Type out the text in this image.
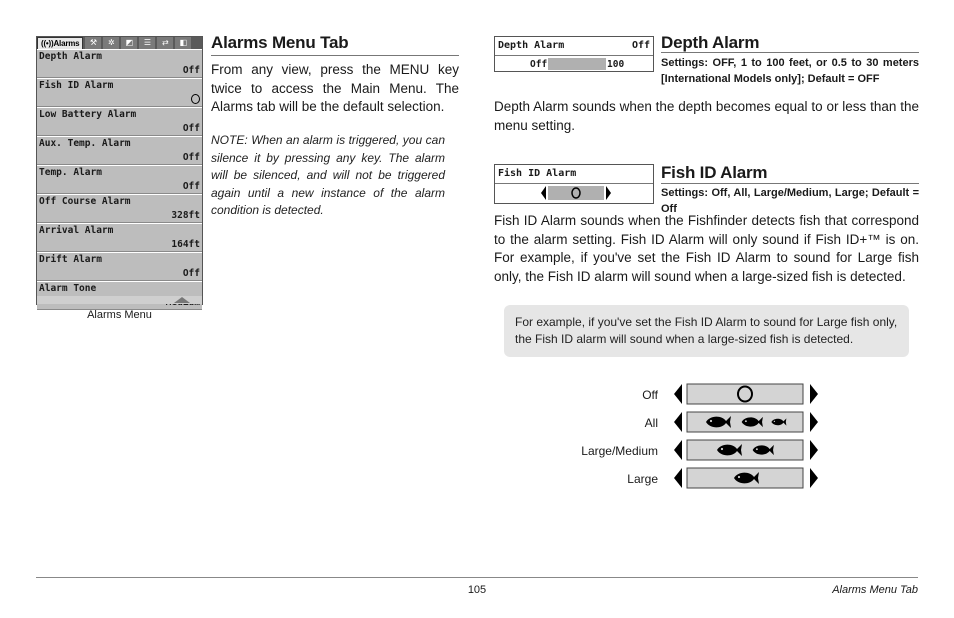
((•))Alarms	⚒	✲	◩	☰	⇄	◧
Depth Alarm
Off
Fish ID Alarm
Low Battery Alarm
Off
Aux. Temp. Alarm
Off
Temp. Alarm
Off
Off Course Alarm
328ft
Arrival Alarm
164ft
Drift Alarm
Off
Alarm Tone
Alarms Menu
Alarms Menu Tab

From any view, press the MENU key twice to access the Main Menu. The Alarms tab will be the default selection.

NOTE: When an alarm is triggered, you can silence it by pressing any key. The alarm will be silenced, and will not be triggered again until a new instance of the alarm condition is detected.

Depth Alarm	Off
Off	100
Depth Alarm
Settings: OFF, 1 to 100 feet, or 0.5 to 30 meters [International Models only]; Default = OFF

Depth Alarm sounds when the depth becomes equal to or less than the menu setting.

Fish ID Alarm	Fish ID Alarm
Settings: Off, All, Large/Medium, Large; Default = Off

Fish ID Alarm sounds when the Fishfinder detects fish that correspond to the alarm setting. Fish ID Alarm will only sound if Fish ID+™ is on. For example, if you've set the Fish ID Alarm to sound for Large fish only, the Fish ID alarm will sound when a large-sized fish is detected.

For example, if you've set the Fish ID Alarm to sound for Large fish only, the Fish ID alarm will sound when a large-sized fish is detected.
Off
All
Large/Medium
Large
105	Alarms Menu Tab
